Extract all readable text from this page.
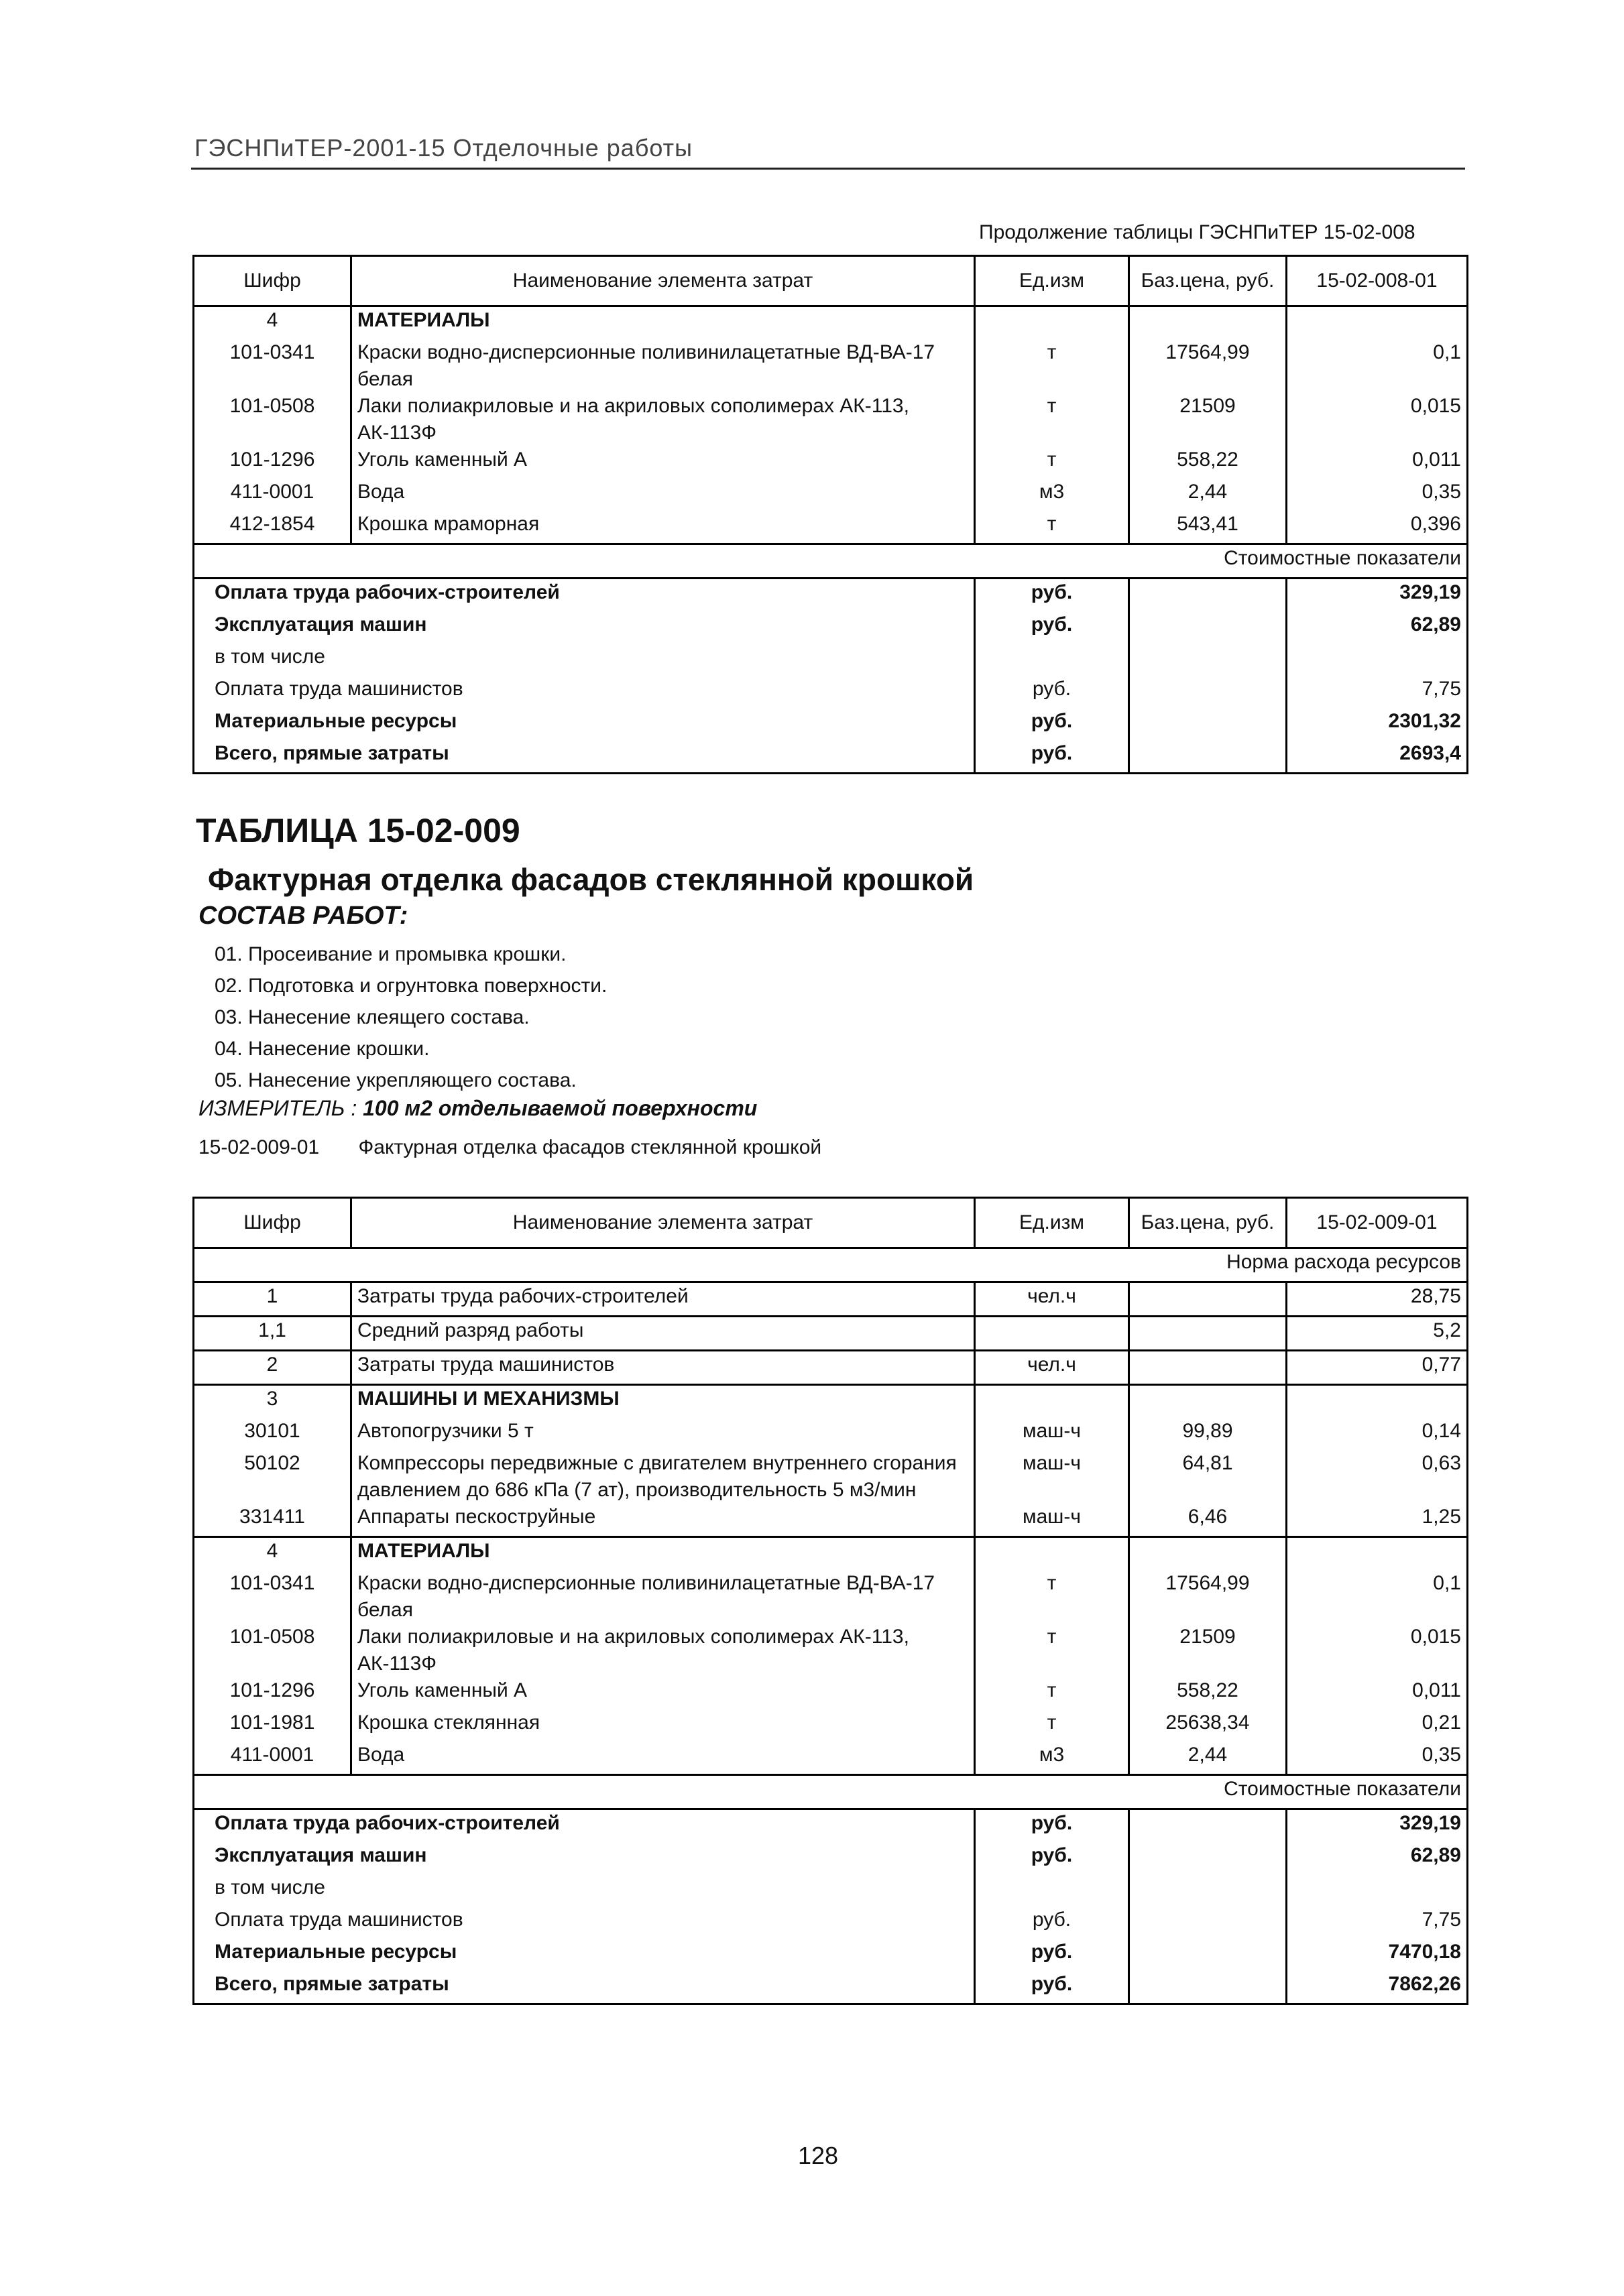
ГЭСНПиТЕР-2001-15 Отделочные работы
Продолжение таблицы ГЭСНПиТЕР 15-02-008
Шифр	Наименование элемента затрат	Ед.изм	Баз.цена, руб.	15-02-008-01
4	МАТЕРИАЛЫ			
101-0341	Краски водно-дисперсионные поливинилацетатные ВД-ВА-17 белая	т	17564,99	0,1
101-0508	Лаки полиакриловые и на акриловых сополимерах АК-113, АК-113Ф	т	21509	0,015
101-1296	Уголь каменный А	т	558,22	0,011
411-0001	Вода	м3	2,44	0,35
412-1854	Крошка мраморная	т	543,41	0,396
Стоимостные показатели				
Оплата труда рабочих-строителей		руб.		329,19
Эксплуатация машин		руб.		62,89
в том числе				
Оплата труда машинистов		руб.		7,75
Материальные ресурсы		руб.		2301,32
Всего, прямые затраты		руб.		2693,4
ТАБЛИЦА 15-02-009
Фактурная отделка фасадов стеклянной крошкой
СОСТАВ РАБОТ:
01. Просеивание и промывка крошки.
02. Подготовка и огрунтовка поверхности.
03. Нанесение клеящего состава.
04. Нанесение крошки.
05. Нанесение укрепляющего состава.
ИЗМЕРИТЕЛЬ : 100 м2 отделываемой поверхности
15-02-009-01 Фактурная отделка фасадов стеклянной крошкой
Шифр	Наименование элемента затрат	Ед.изм	Баз.цена, руб.	15-02-009-01
Норма расхода ресурсов				
1	Затраты труда рабочих-строителей	чел.ч		28,75
1,1	Средний разряд работы			5,2
2	Затраты труда машинистов	чел.ч		0,77
3	МАШИНЫ И МЕХАНИЗМЫ			
30101	Автопогрузчики 5 т	маш-ч	99,89	0,14
50102	Компрессоры передвижные с двигателем внутреннего сгорания давлением до 686 кПа (7 ат), производительность 5 м3/мин	маш-ч	64,81	0,63
331411	Аппараты пескоструйные	маш-ч	6,46	1,25
4	МАТЕРИАЛЫ			
101-0341	Краски водно-дисперсионные поливинилацетатные ВД-ВА-17 белая	т	17564,99	0,1
101-0508	Лаки полиакриловые и на акриловых сополимерах АК-113, АК-113Ф	т	21509	0,015
101-1296	Уголь каменный А	т	558,22	0,011
101-1981	Крошка стеклянная	т	25638,34	0,21
411-0001	Вода	м3	2,44	0,35
Стоимостные показатели				
Оплата труда рабочих-строителей		руб.		329,19
Эксплуатация машин		руб.		62,89
в том числе				
Оплата труда машинистов		руб.		7,75
Материальные ресурсы		руб.		7470,18
Всего, прямые затраты		руб.		7862,26
128
